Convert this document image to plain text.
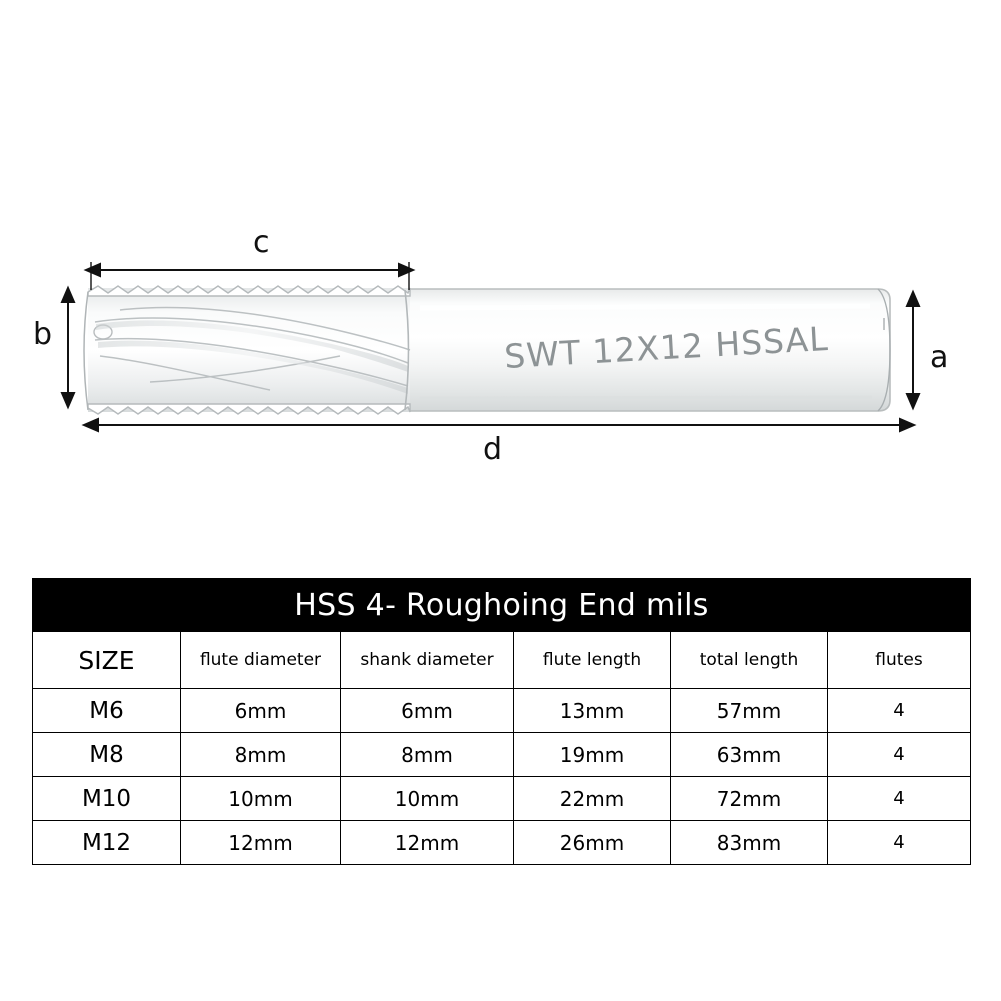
SWT 12X12 HSSAL
c
b
a
d
HSS 4- Roughoing End mils					
SIZE	flute diameter	shank diameter	flute length	total length	flutes
M6	6mm	6mm	13mm	57mm	4
M8	8mm	8mm	19mm	63mm	4
M10	10mm	10mm	22mm	72mm	4
M12	12mm	12mm	26mm	83mm	4
